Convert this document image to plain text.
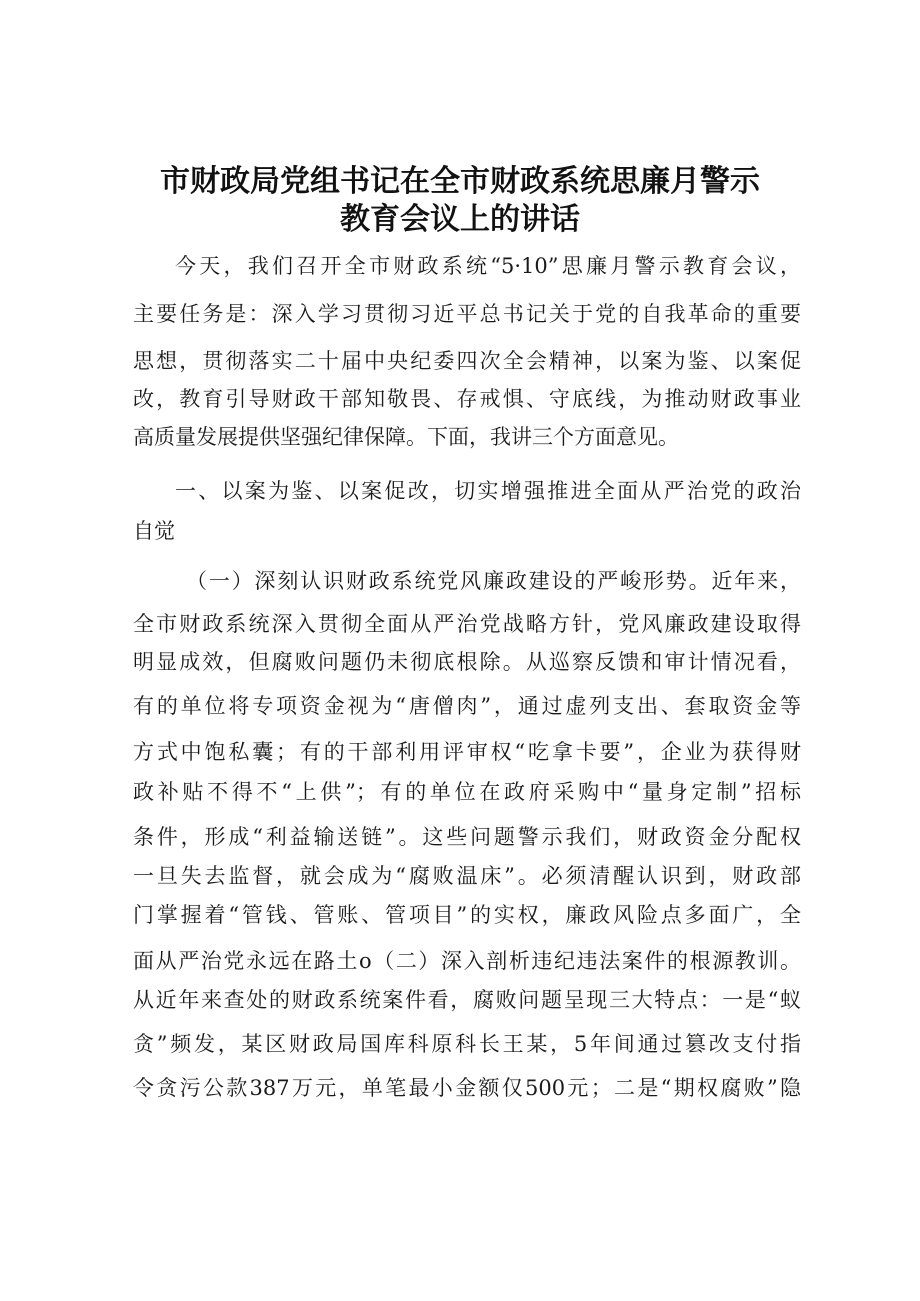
市财政局党组书记在全市财政系统思廉月警示
教育会议上的讲话
今天，我们召开全市财政系统“5·10”思廉月警示教育会议，
主要任务是：深入学习贯彻习近平总书记关于党的自我革命的重要
思想，贯彻落实二十届中央纪委四次全会精神，以案为鉴、以案促
改，教育引导财政干部知敬畏、存戒惧、守底线，为推动财政事业
高质量发展提供坚强纪律保障。下面，我讲三个方面意见。
一、以案为鉴、以案促改，切实增强推进全面从严治党的政治
自觉
（一）深刻认识财政系统党风廉政建设的严峻形势。近年来，
全市财政系统深入贯彻全面从严治党战略方针，党风廉政建设取得
明显成效，但腐败问题仍未彻底根除。从巡察反馈和审计情况看，
有的单位将专项资金视为“唐僧肉”，通过虚列支出、套取资金等
方式中饱私囊；有的干部利用评审权“吃拿卡要”，企业为获得财
政补贴不得不“上供”；有的单位在政府采购中“量身定制”招标
条件，形成“利益输送链”。这些问题警示我们，财政资金分配权
一旦失去监督，就会成为“腐败温床”。必须清醒认识到，财政部
门掌握着“管钱、管账、管项目”的实权，廉政风险点多面广，全
面从严治党永远在路土o（二）深入剖析违纪违法案件的根源教训。
从近年来查处的财政系统案件看，腐败问题呈现三大特点：一是“蚁
贪”频发，某区财政局国库科原科长王某，5年间通过篡改支付指
令贪污公款387万元，单笔最小金额仅500元；二是“期权腐败”隐
